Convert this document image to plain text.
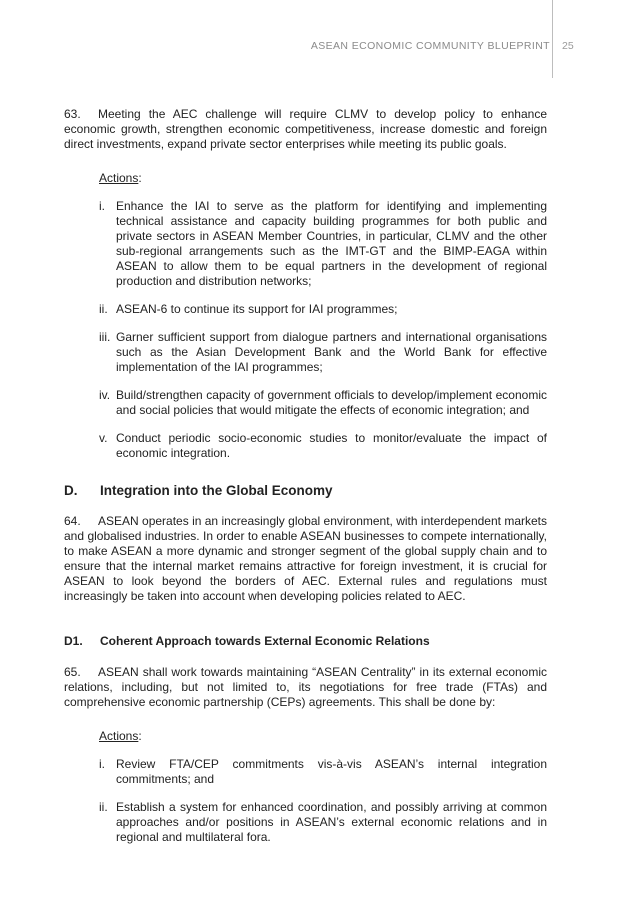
ASEAN ECONOMIC COMMUNITY BLUEPRINT 25

63. Meeting the AEC challenge will require CLMV to develop policy to enhance economic growth, strengthen economic competitiveness, increase domestic and foreign direct investments, expand private sector enterprises while meeting its public goals.

Actions:
i. Enhance the IAI to serve as the platform for identifying and implementing technical assistance and capacity building programmes for both public and private sectors in ASEAN Member Countries, in particular, CLMV and the other sub-regional arrangements such as the IMT-GT and the BIMP-EAGA within ASEAN to allow them to be equal partners in the development of regional production and distribution networks;
ii. ASEAN-6 to continue its support for IAI programmes;
iii. Garner sufficient support from dialogue partners and international organisations such as the Asian Development Bank and the World Bank for effective implementation of the IAI programmes;
iv. Build/strengthen capacity of government officials to develop/implement economic and social policies that would mitigate the effects of economic integration; and
v. Conduct periodic socio-economic studies to monitor/evaluate the impact of economic integration.
D.	Integration into the Global Economy

64. ASEAN operates in an increasingly global environment, with interdependent markets and globalised industries. In order to enable ASEAN businesses to compete internationally, to make ASEAN a more dynamic and stronger segment of the global supply chain and to ensure that the internal market remains attractive for foreign investment, it is crucial for ASEAN to look beyond the borders of AEC. External rules and regulations must increasingly be taken into account when developing policies related to AEC.

D1.	Coherent Approach towards External Economic Relations

65. ASEAN shall work towards maintaining “ASEAN Centrality” in its external economic relations, including, but not limited to, its negotiations for free trade (FTAs) and comprehensive economic partnership (CEPs) agreements. This shall be done by:

Actions:
i. Review FTA/CEP commitments vis-à-vis ASEAN’s internal integration commitments; and
ii. Establish a system for enhanced coordination, and possibly arriving at common approaches and/or positions in ASEAN’s external economic relations and in regional and multilateral fora.
